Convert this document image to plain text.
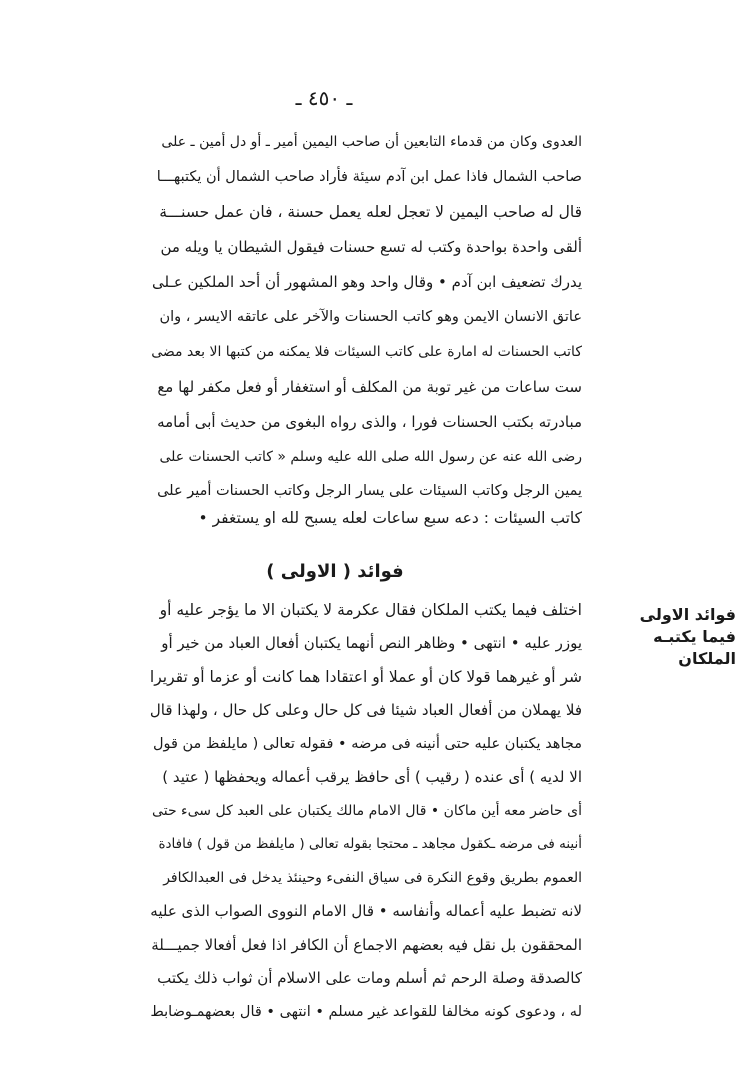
ـ ٤٥٠ ـ
العدوى وكان من قدماء التابعين أن صاحب اليمين أمير ـ أو دل أمين ـ على
صاحب الشمال فاذا عمل ابن آدم سيئة فأراد صاحب الشمال أن يكتبهـــا
قال له صاحب اليمين لا تعجل لعله يعمل حسنة ، فان عمل حسنـــة
ألقى واحدة بواحدة وكتب له تسع حسنات فيقول الشيطان يا ويله من
يدرك تضعيف ابن آدم • وقال واحد وهو المشهور أن أحد الملكين عـلى
عاتق الانسان الايمن وهو كاتب الحسنات والآخر على عاتقه الايسر ، وان
كاتب الحسنات له امارة على كاتب السيئات فلا يمكنه من كتبها الا بعد مضى
ست ساعات من غير توبة من المكلف أو استغفار أو فعل مكفر لها مع
مبادرته بكتب الحسنات فورا ، والذى رواه البغوى من حديث أبى أمامه
رضى الله عنه عن رسول الله صلى الله عليه وسلم « كاتب الحسنات على
يمين الرجل وكاتب السيئات على يسار الرجل وكاتب الحسنات أمير على
كاتب السيئات : دعه سبع ساعات لعله يسبح لله او يستغفر •
فوائد ( الاولى )
فوائد الاولى
فيما يكتبـه
الملكان
اختلف فيما يكتب الملكان فقال عكرمة لا يكتبان الا ما يؤجر عليه أو
يوزر عليه • انتهى • وظاهر النص أنهما يكتبان أفعال العباد من خير أو
شر أو غيرهما قولا كان أو عملا أو اعتقادا هما كانت أو عزما أو تقريرا
فلا يهملان من أفعال العباد شيئا فى كل حال وعلى كل حال ، ولهذا قال
مجاهد يكتبان عليه حتى أنينه فى مرضه • فقوله تعالى ( مايلفظ من قول
الا لديه ) أى عنده ( رقيب ) أى حافظ يرقب أعماله ويحفظها ( عتيد )
أى حاضر معه أين ماكان • قال الامام مالك يكتبان على العبد كل سىء حتى
أنينه فى مرضه ـكقول مجاهد ـ محتجا بقوله تعالى ( مايلفظ من قول ) فافادة
العموم بطريق وقوع النكرة فى سياق النفىء وحينئذ يدخل فى العبدالكافر
لانه تضبط عليه أعماله وأنفاسه • قال الامام النووى الصواب الذى عليه
المحققون بل نقل فيه بعضهم الاجماع أن الكافر اذا فعل أفعالا جميـــلة
كالصدقة وصلة الرحم ثم أسلم ومات على الاسلام أن ثواب ذلك يكتب
له ، ودعوى كونه مخالفا للقواعد غير مسلم • انتهى • قال بعضهمـوضابط
